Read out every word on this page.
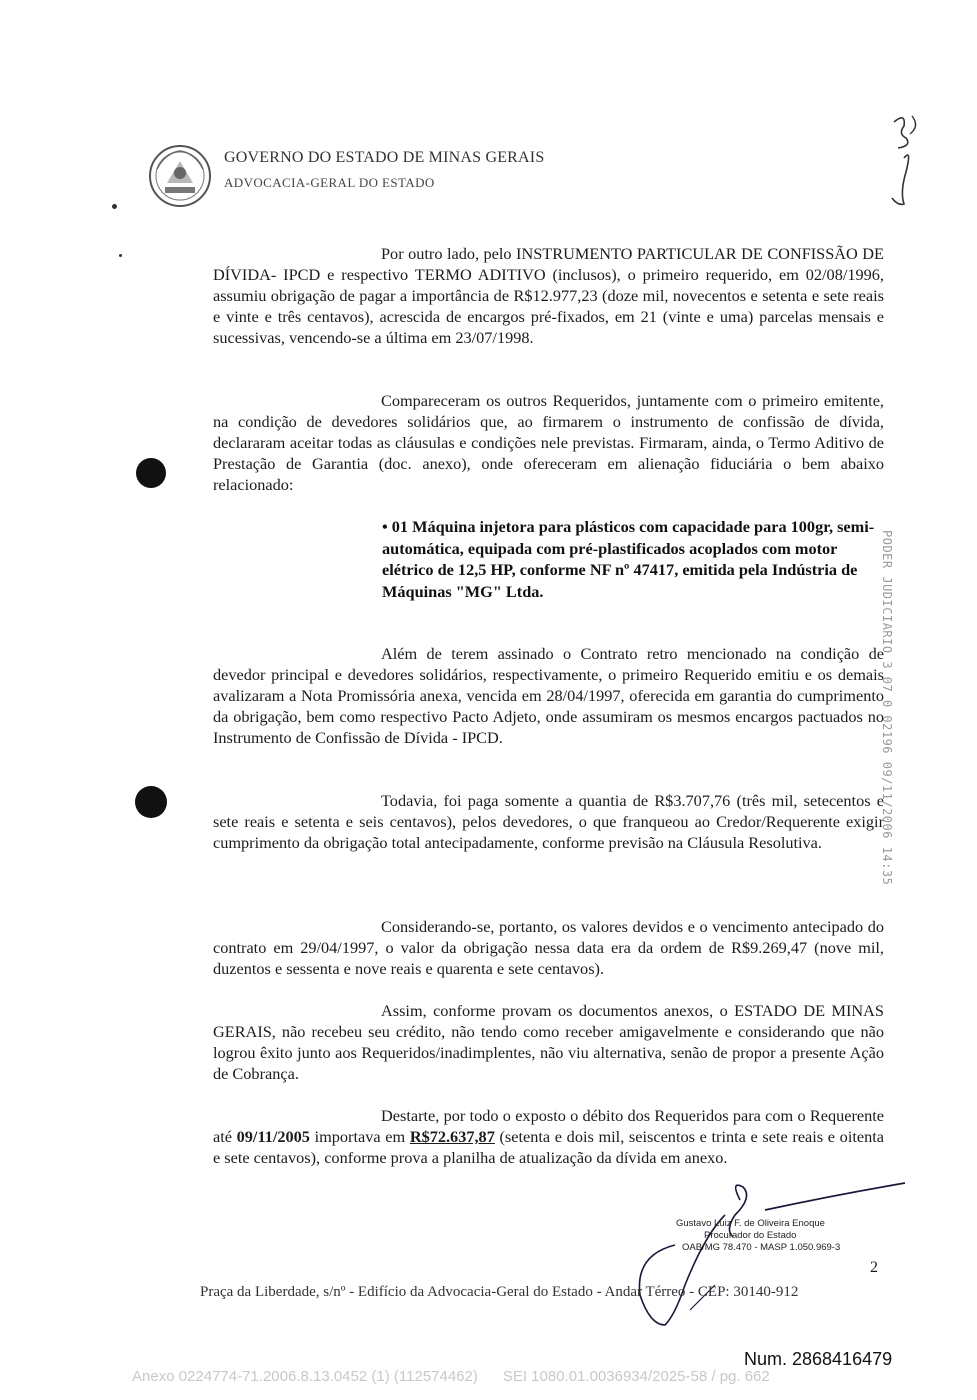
GOVERNO DO ESTADO DE MINAS GERAIS
ADVOCACIA-GERAL DO ESTADO
Por outro lado, pelo INSTRUMENTO PARTICULAR DE CONFISSÃO DE DÍVIDA- IPCD e respectivo TERMO ADITIVO (inclusos), o primeiro requerido, em 02/08/1996, assumiu obrigação de pagar a importância de R$12.977,23 (doze mil, novecentos e setenta e sete reais e vinte e três centavos), acrescida de encargos pré-fixados, em 21 (vinte e uma) parcelas mensais e sucessivas, vencendo-se a última em 23/07/1998.
Compareceram os outros Requeridos, juntamente com o primeiro emitente, na condição de devedores solidários que, ao firmarem o instrumento de confissão de dívida, declararam aceitar todas as cláusulas e condições nele previstas. Firmaram, ainda, o Termo Aditivo de Prestação de Garantia (doc. anexo), onde ofereceram em alienação fiduciária o bem abaixo relacionado:
• 01 Máquina injetora para plásticos com capacidade para 100gr, semi-automática, equipada com pré-plastificados acoplados com motor elétrico de 12,5 HP, conforme NF nº 47417, emitida pela Indústria de Máquinas "MG" Ltda.
Além de terem assinado o Contrato retro mencionado na condição de devedor principal e devedores solidários, respectivamente, o primeiro Requerido emitiu e os demais avalizaram a Nota Promissória anexa, vencida em 28/04/1997, oferecida em garantia do cumprimento da obrigação, bem como respectivo Pacto Adjeto, onde assumiram os mesmos encargos pactuados no Instrumento de Confissão de Dívida - IPCD.
Todavia, foi paga somente a quantia de R$3.707,76 (três mil, setecentos e sete reais e setenta e seis centavos), pelos devedores, o que franqueou ao Credor/Requerente exigir cumprimento da obrigação total antecipadamente, conforme previsão na Cláusula Resolutiva.
Considerando-se, portanto, os valores devidos e o vencimento antecipado do contrato em 29/04/1997, o valor da obrigação nessa data era da ordem de R$9.269,47 (nove mil, duzentos e sessenta e nove reais e quarenta e sete centavos).
Assim, conforme provam os documentos anexos, o ESTADO DE MINAS GERAIS, não recebeu seu crédito, não tendo como receber amigavelmente e considerando que não logrou êxito junto aos Requeridos/inadimplentes, não viu alternativa, senão de propor a presente Ação de Cobrança.
Destarte, por todo o exposto o débito dos Requeridos para com o Requerente até 09/11/2005 importava em R$72.637,87 (setenta e dois mil, seiscentos e trinta e sete reais e oitenta e sete centavos), conforme prova a planilha de atualização da dívida em anexo.
PODER JUDICIARIO 3 07 0 02196 09/11/2006 14:35
Gustavo Luiz F. de Oliveira Enoque
Procurador do Estado
OAB/MG 78.470 - MASP 1.050.969-3
2
Praça da Liberdade, s/nº - Edifício da Advocacia-Geral do Estado - Andar Térreo - CEP: 30140-912
Num. 2868416479
Anexo 0224774-71.2006.8.13.0452 (1) (112574462)      SEI 1080.01.0036934/2025-58 / pg. 662
